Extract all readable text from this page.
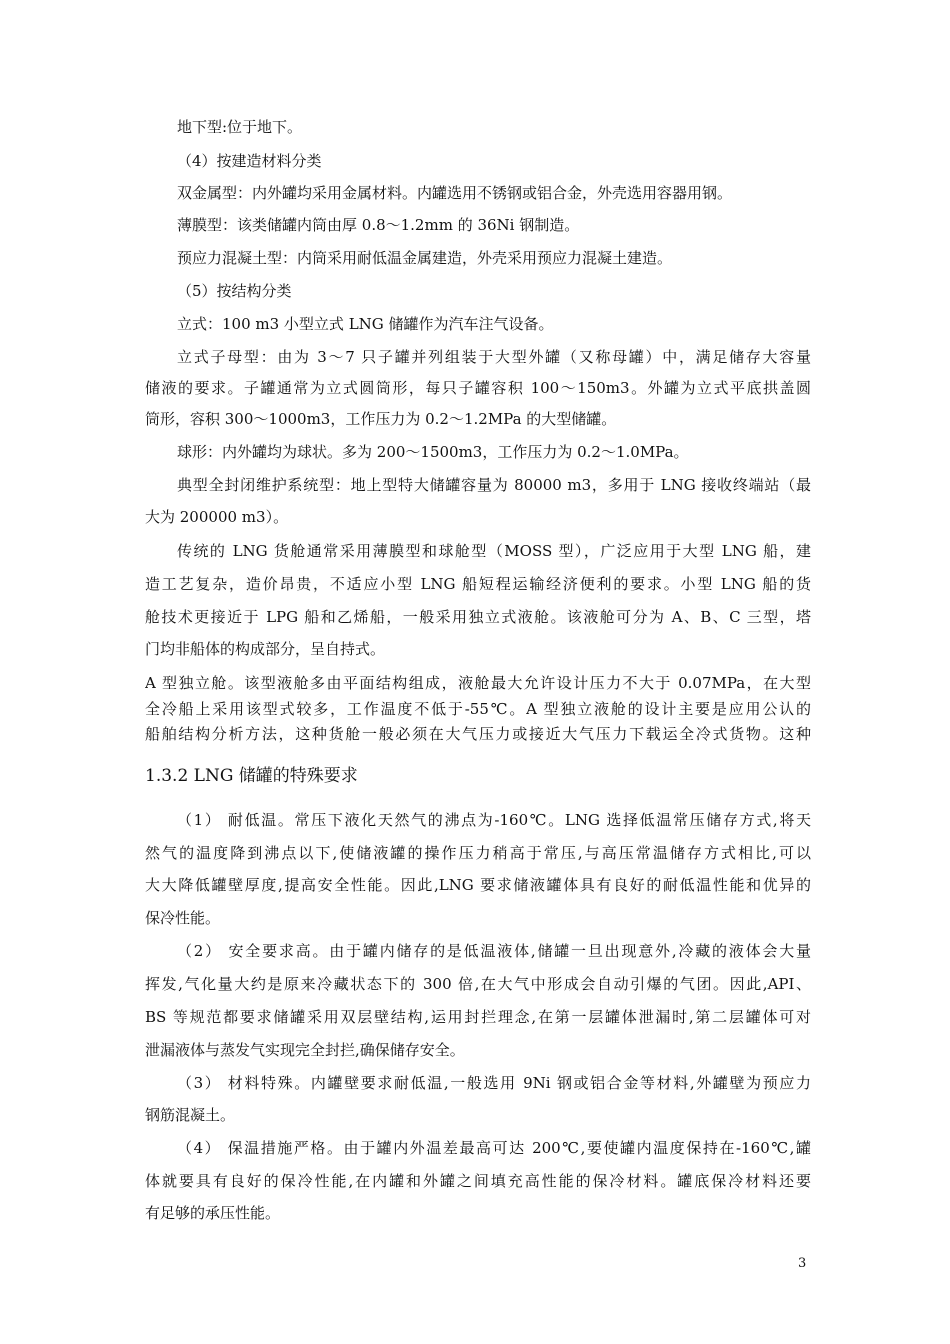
地下型:位于地下。
（4）按建造材料分类
双金属型：内外罐均采用金属材料。内罐选用不锈钢或铝合金，外壳选用容器用钢。
薄膜型：该类储罐内筒由厚 0.8～1.2mm 的 36Ni 钢制造。
预应力混凝土型：内筒采用耐低温金属建造，外壳采用预应力混凝土建造。
（5）按结构分类
立式：100 m3 小型立式 LNG 储罐作为汽车注气设备。
立式子母型：由为 3～7 只子罐并列组装于大型外罐（又称母罐）中，满足储存大容量
储液的要求。子罐通常为立式圆筒形，每只子罐容积 100～150m3。外罐为立式平底拱盖圆
筒形，容积 300～1000m3，工作压力为 0.2～1.2MPa 的大型储罐。
球形：内外罐均为球状。多为 200～1500m3，工作压力为 0.2～1.0MPa。
典型全封闭维护系统型：地上型特大储罐容量为 80000 m3，多用于 LNG 接收终端站（最
大为 200000 m3）。
传统的 LNG 货舱通常采用薄膜型和球舱型（MOSS 型），广泛应用于大型 LNG 船，建
造工艺复杂，造价昂贵，不适应小型 LNG 船短程运输经济便利的要求。小型 LNG 船的货
舱技术更接近于 LPG 船和乙烯船，一般采用独立式液舱。该液舱可分为 A、B、C 三型，塔
门均非船体的构成部分，呈自持式。
A 型独立舱。该型液舱多由平面结构组成，液舱最大允许设计压力不大于 0.07MPa，在大型
全冷船上采用该型式较多，工作温度不低于-55℃。A 型独立液舱的设计主要是应用公认的
船舶结构分析方法，这种货舱一般必须在大气压力或接近大气压力下载运全冷式货物。这种
1.3.2 LNG 储罐的特殊要求
（1） 耐低温。常压下液化天然气的沸点为-160℃。LNG 选择低温常压储存方式,将天
然气的温度降到沸点以下,使储液罐的操作压力稍高于常压,与高压常温储存方式相比,可以
大大降低罐壁厚度,提高安全性能。因此,LNG 要求储液罐体具有良好的耐低温性能和优异的
保冷性能。
（2） 安全要求高。由于罐内储存的是低温液体,储罐一旦出现意外,冷藏的液体会大量
挥发,气化量大约是原来冷藏状态下的 300 倍,在大气中形成会自动引爆的气团。因此,API、
BS 等规范都要求储罐采用双层壁结构,运用封拦理念,在第一层罐体泄漏时,第二层罐体可对
泄漏液体与蒸发气实现完全封拦,确保储存安全。
（3） 材料特殊。内罐壁要求耐低温,一般选用 9Ni 钢或铝合金等材料,外罐壁为预应力
钢筋混凝土。
（4） 保温措施严格。由于罐内外温差最高可达 200℃,要使罐内温度保持在-160℃,罐
体就要具有良好的保冷性能,在内罐和外罐之间填充高性能的保冷材料。罐底保冷材料还要
有足够的承压性能。
3
